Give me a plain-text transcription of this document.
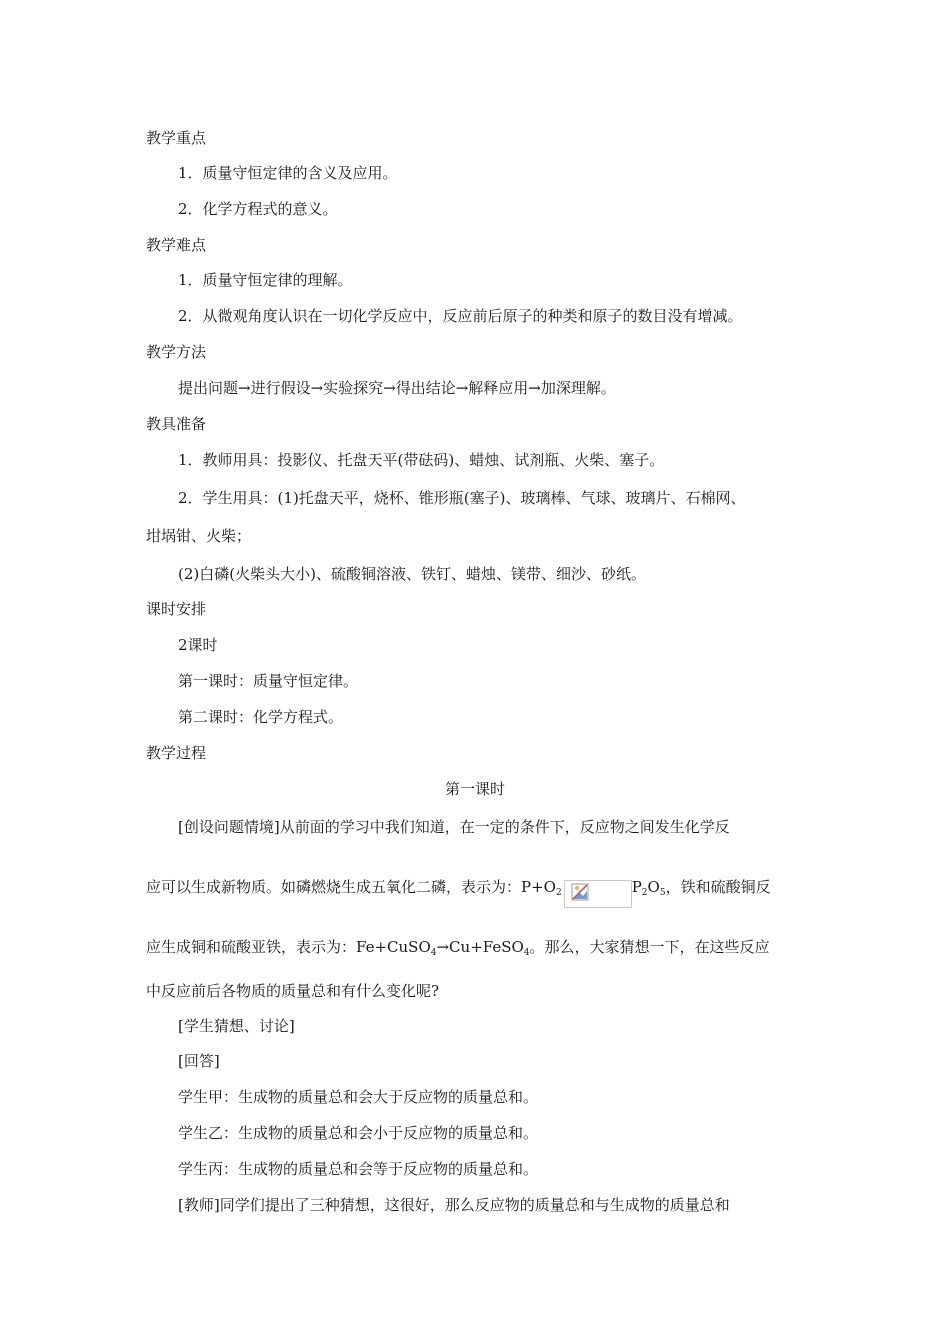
教学重点
1．质量守恒定律的含义及应用。
2．化学方程式的意义。
教学难点
1．质量守恒定律的理解。
2．从微观角度认识在一切化学反应中，反应前后原子的种类和原子的数目没有增减。
教学方法
提出问题→进行假设→实验探究→得出结论→解释应用→加深理解。
教具准备
1．教师用具：投影仪、托盘天平(带砝码)、蜡烛、试剂瓶、火柴、塞子。
2．学生用具：(1)托盘天平，烧杯、锥形瓶(塞子)、玻璃棒、气球、玻璃片、石棉网、
坩埚钳、火柴；
(2)白磷(火柴头大小)、硫酸铜溶液、铁钉、蜡烛、镁带、细沙、砂纸。
课时安排
2课时
第一课时：质量守恒定律。
第二课时：化学方程式。
教学过程
第一课时
[创设问题情境]从前面的学习中我们知道，在一定的条件下，反应物之间发生化学反
应可以生成新物质。如磷燃烧生成五氧化二磷，表示为：$P+O_2$	$P_2O_5$，铁和硫酸铜反
应生成铜和硫酸亚铁，表示为：Fe+CuSO$_4$→Cu+FeSO$_4$。那么，大家猜想一下，在这些反应
中反应前后各物质的质量总和有什么变化呢?
[学生猜想、讨论]
[回答]
学生甲：生成物的质量总和会大于反应物的质量总和。
学生乙：生成物的质量总和会小于反应物的质量总和。
学生丙：生成物的质量总和会等于反应物的质量总和。
[教师]同学们提出了三种猜想，这很好，那么反应物的质量总和与生成物的质量总和
